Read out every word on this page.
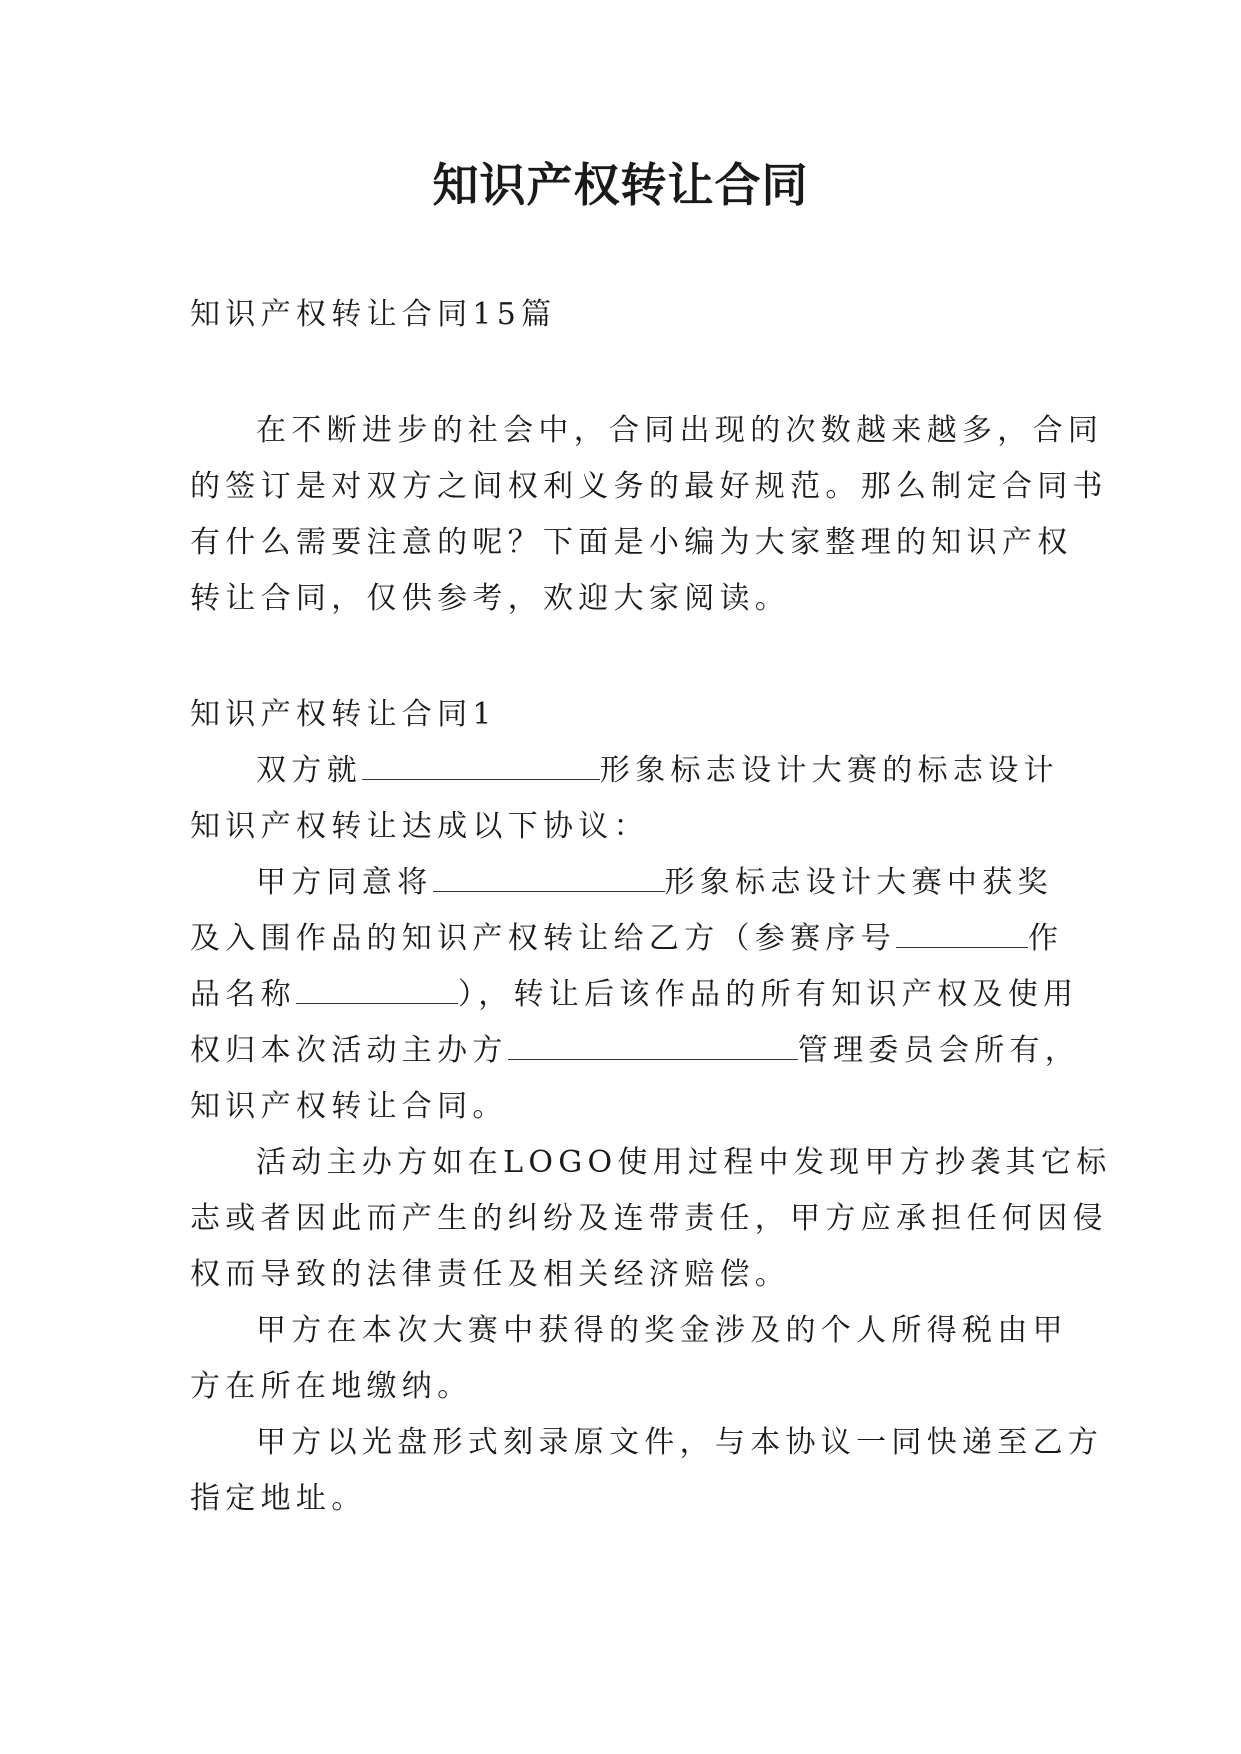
知识产权转让合同

知识产权转让合同15篇

在不断进步的社会中，合同出现的次数越来越多，合同

的签订是对双方之间权利义务的最好规范。那么制定合同书

有什么需要注意的呢？下面是小编为大家整理的知识产权

转让合同，仅供参考，欢迎大家阅读。

知识产权转让合同1

双方就	形象标志设计大赛的标志设计

知识产权转让达成以下协议：

甲方同意将	形象标志设计大赛中获奖

及入围作品的知识产权转让给乙方（参赛序号	作

品名称	），转让后该作品的所有知识产权及使用

权归本次活动主办方	管理委员会所有，

知识产权转让合同。

活动主办方如在LOGO使用过程中发现甲方抄袭其它标

志或者因此而产生的纠纷及连带责任，甲方应承担任何因侵

权而导致的法律责任及相关经济赔偿。

甲方在本次大赛中获得的奖金涉及的个人所得税由甲

方在所在地缴纳。

甲方以光盘形式刻录原文件，与本协议一同快递至乙方

指定地址。
